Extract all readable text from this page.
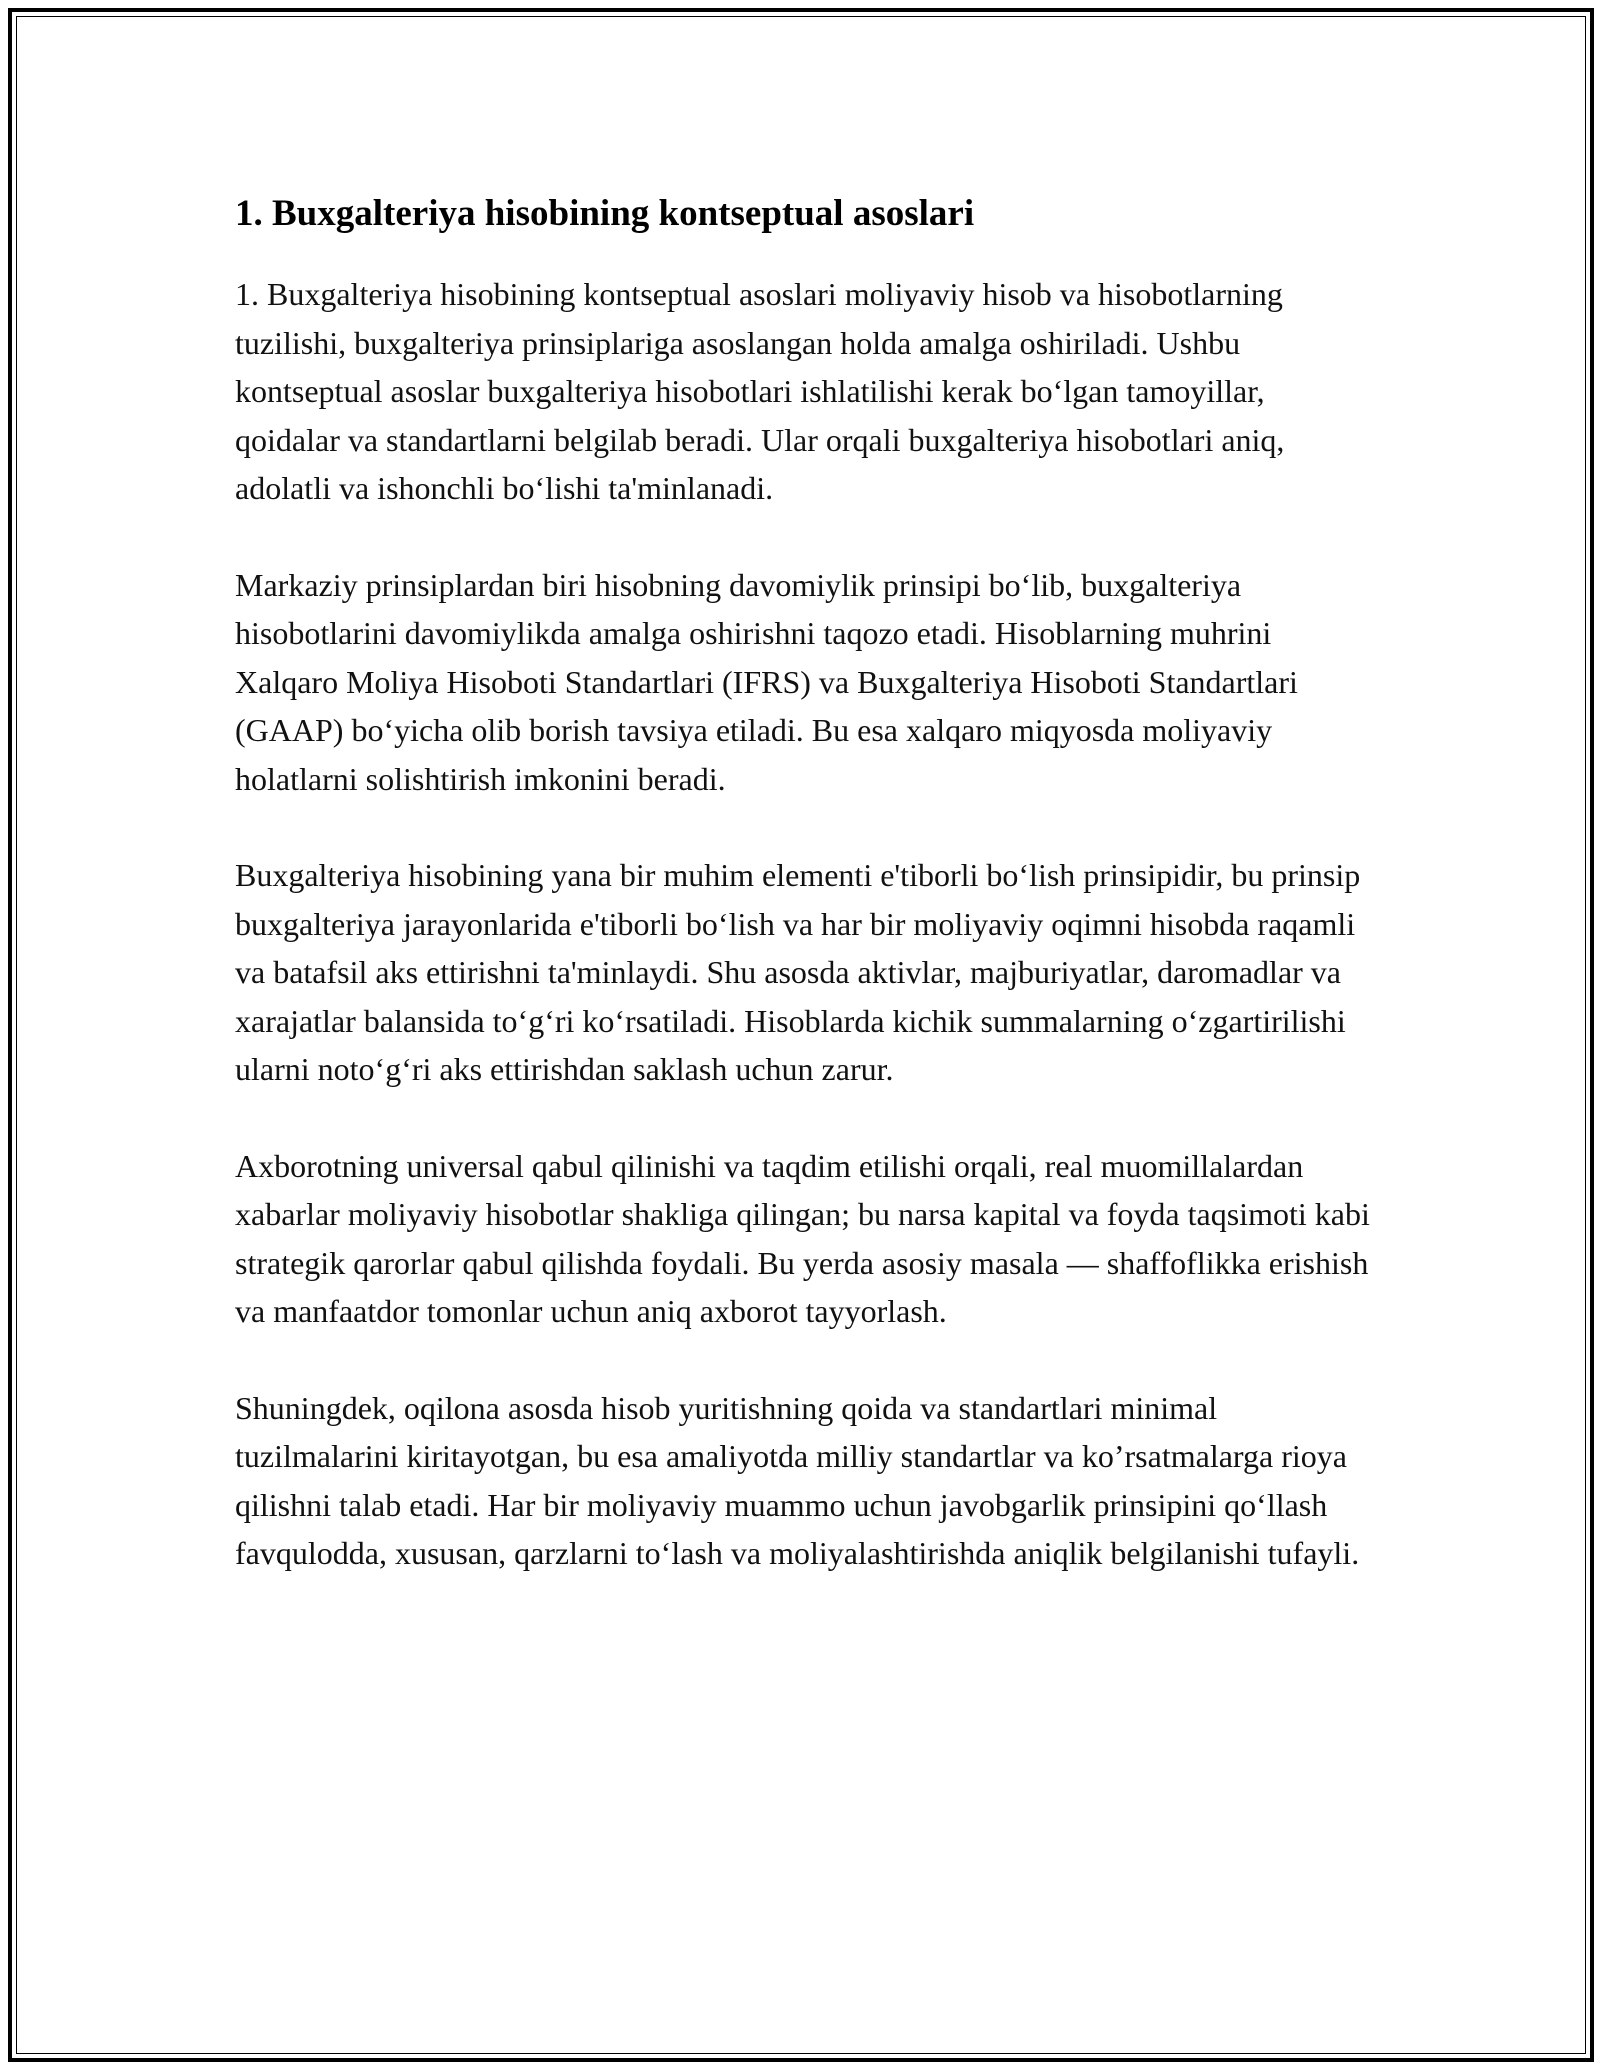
1. Buxgalteriya hisobining kontseptual asoslari

1. Buxgalteriya hisobining kontseptual asoslari moliyaviy hisob va hisobotlarning tuzilishi, buxgalteriya prinsiplariga asoslangan holda amalga oshiriladi. Ushbu kontseptual asoslar buxgalteriya hisobotlari ishlatilishi kerak bo‘lgan tamoyillar, qoidalar va standartlarni belgilab beradi. Ular orqali buxgalteriya hisobotlari aniq, adolatli va ishonchli bo‘lishi ta'minlanadi.

Markaziy prinsiplardan biri hisobning davomiylik prinsipi bo‘lib, buxgalteriya hisobotlarini davomiylikda amalga oshirishni taqozo etadi. Hisoblarning muhrini Xalqaro Moliya Hisoboti Standartlari (IFRS) va Buxgalteriya Hisoboti Standartlari (GAAP) bo‘yicha olib borish tavsiya etiladi. Bu esa xalqaro miqyosda moliyaviy holatlarni solishtirish imkonini beradi.

Buxgalteriya hisobining yana bir muhim elementi e'tiborli bo‘lish prinsipidir, bu prinsip buxgalteriya jarayonlarida e'tiborli bo‘lish va har bir moliyaviy oqimni hisobda raqamli va batafsil aks ettirishni ta'minlaydi. Shu asosda aktivlar, majburiyatlar, daromadlar va xarajatlar balansida to‘g‘ri ko‘rsatiladi. Hisoblarda kichik summalarning o‘zgartirilishi ularni noto‘g‘ri aks ettirishdan saklash uchun zarur.

Axborotning universal qabul qilinishi va taqdim etilishi orqali, real muomillalardan xabarlar moliyaviy hisobotlar shakliga qilingan; bu narsa kapital va foyda taqsimoti kabi strategik qarorlar qabul qilishda foydali. Bu yerda asosiy masala — shaffoflikka erishish va manfaatdor tomonlar uchun aniq axborot tayyorlash.

Shuningdek, oqilona asosda hisob yuritishning qoida va standartlari minimal tuzilmalarini kiritayotgan, bu esa amaliyotda milliy standartlar va ko’rsatmalarga rioya qilishni talab etadi. Har bir moliyaviy muammo uchun javobgarlik prinsipini qo‘llash favqulodda, xususan, qarzlarni to‘lash va moliyalashtirishda aniqlik belgilanishi tufayli.
